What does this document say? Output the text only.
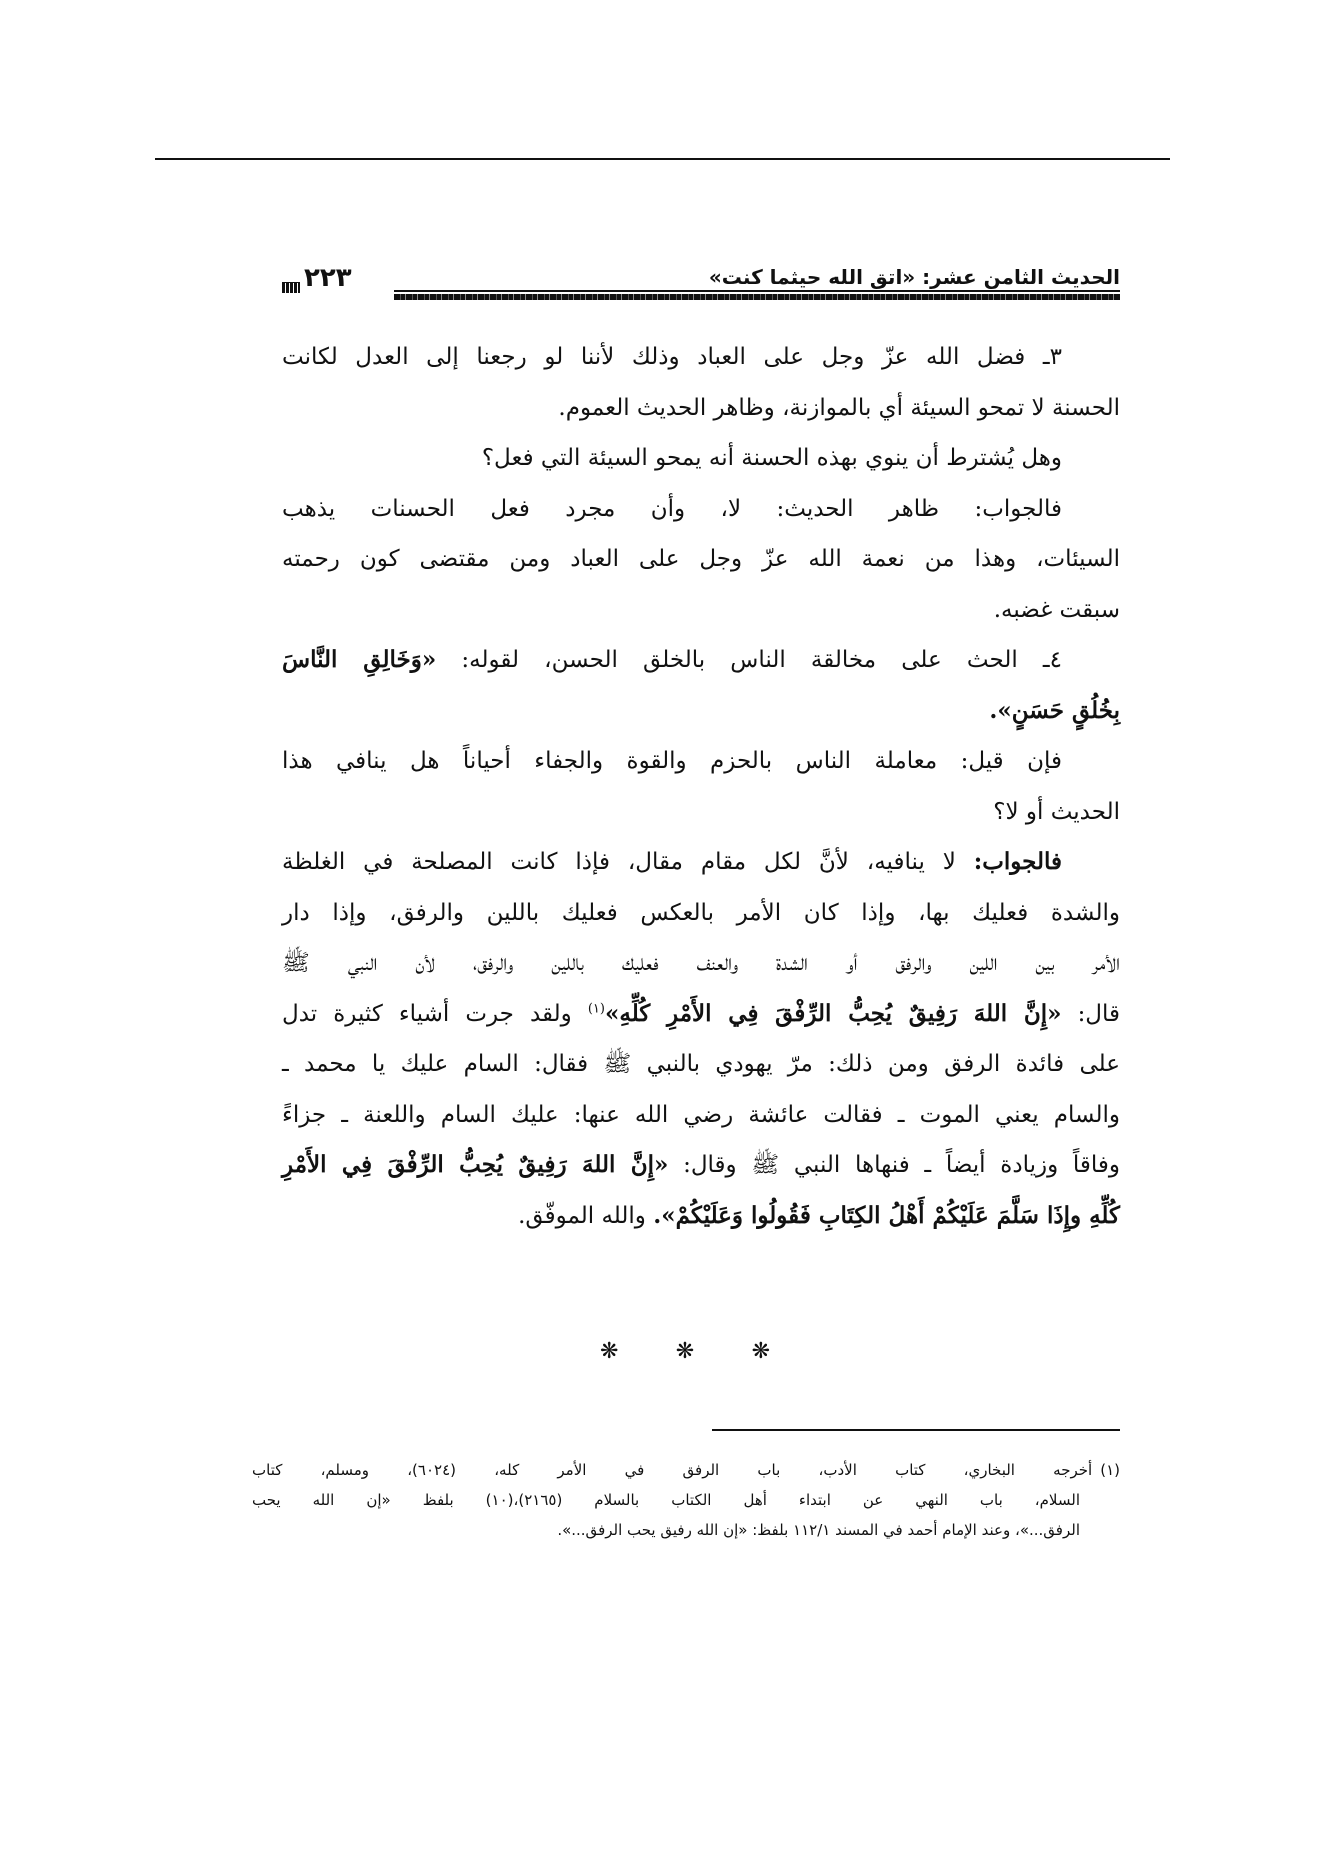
٢٢٣	الحديث الثامن عشر: «اتق الله حيثما كنت»
٣ـ فضل الله عزّ وجل على العباد وذلك لأننا لو رجعنا إلى العدل لكانت
الحسنة لا تمحو السيئة أي بالموازنة، وظاهر الحديث العموم.
وهل يُشترط أن ينوي بهذه الحسنة أنه يمحو السيئة التي فعل؟
فالجواب: ظاهر الحديث: لا، وأن مجرد فعل الحسنات يذهب
السيئات، وهذا من نعمة الله عزّ وجل على العباد ومن مقتضى كون رحمته
سبقت غضبه.
٤ـ الحث على مخالقة الناس بالخلق الحسن، لقوله: «وَخَالِقِ النَّاسَ
بِخُلُقٍ حَسَنٍ».
فإن قيل: معاملة الناس بالحزم والقوة والجفاء أحياناً هل ينافي هذا
الحديث أو لا؟
فالجواب: لا ينافيه، لأنَّ لكل مقام مقال، فإذا كانت المصلحة في الغلظة
والشدة فعليك بها، وإذا كان الأمر بالعكس فعليك باللين والرفق، وإذا دار
الأمر بين اللين والرفق أو الشدة والعنف فعليك باللين والرفق، لأن النبي ﷺ
قال: «إِنَّ اللهَ رَفِيقٌ يُحِبُّ الرِّفْقَ فِي الأَمْرِ كُلِّهِ»$^{(١)}$ ولقد جرت أشياء كثيرة تدل
على فائدة الرفق ومن ذلك: مرّ يهودي بالنبي ﷺ فقال: السام عليك يا محمد ـ
والسام يعني الموت ـ فقالت عائشة رضي الله عنها: عليك السام واللعنة ـ جزاءً
وفاقاً وزيادة أيضاً ـ فنهاها النبي ﷺ وقال: «إِنَّ اللهَ رَفِيقٌ يُحِبُّ الرِّفْقَ فِي الأَمْرِ
كُلِّهِ وإِذَا سَلَّمَ عَلَيْكُمْ أَهْلُ الكِتَابِ فَقُولُوا وَعَلَيْكُمْ». والله الموفّق.
❋	❋	❋
(١)
أخرجه البخاري، كتاب الأدب، باب الرفق في الأمر كله، (٦٠٢٤)، ومسلم، كتاب
السلام، باب النهي عن ابتداء أهل الكتاب بالسلام (٢١٦٥)،(١٠) بلفظ «إن الله يحب
الرفق...»، وعند الإمام أحمد في المسند ١١٢/١ بلفظ: «إن الله رفيق يحب الرفق...».
